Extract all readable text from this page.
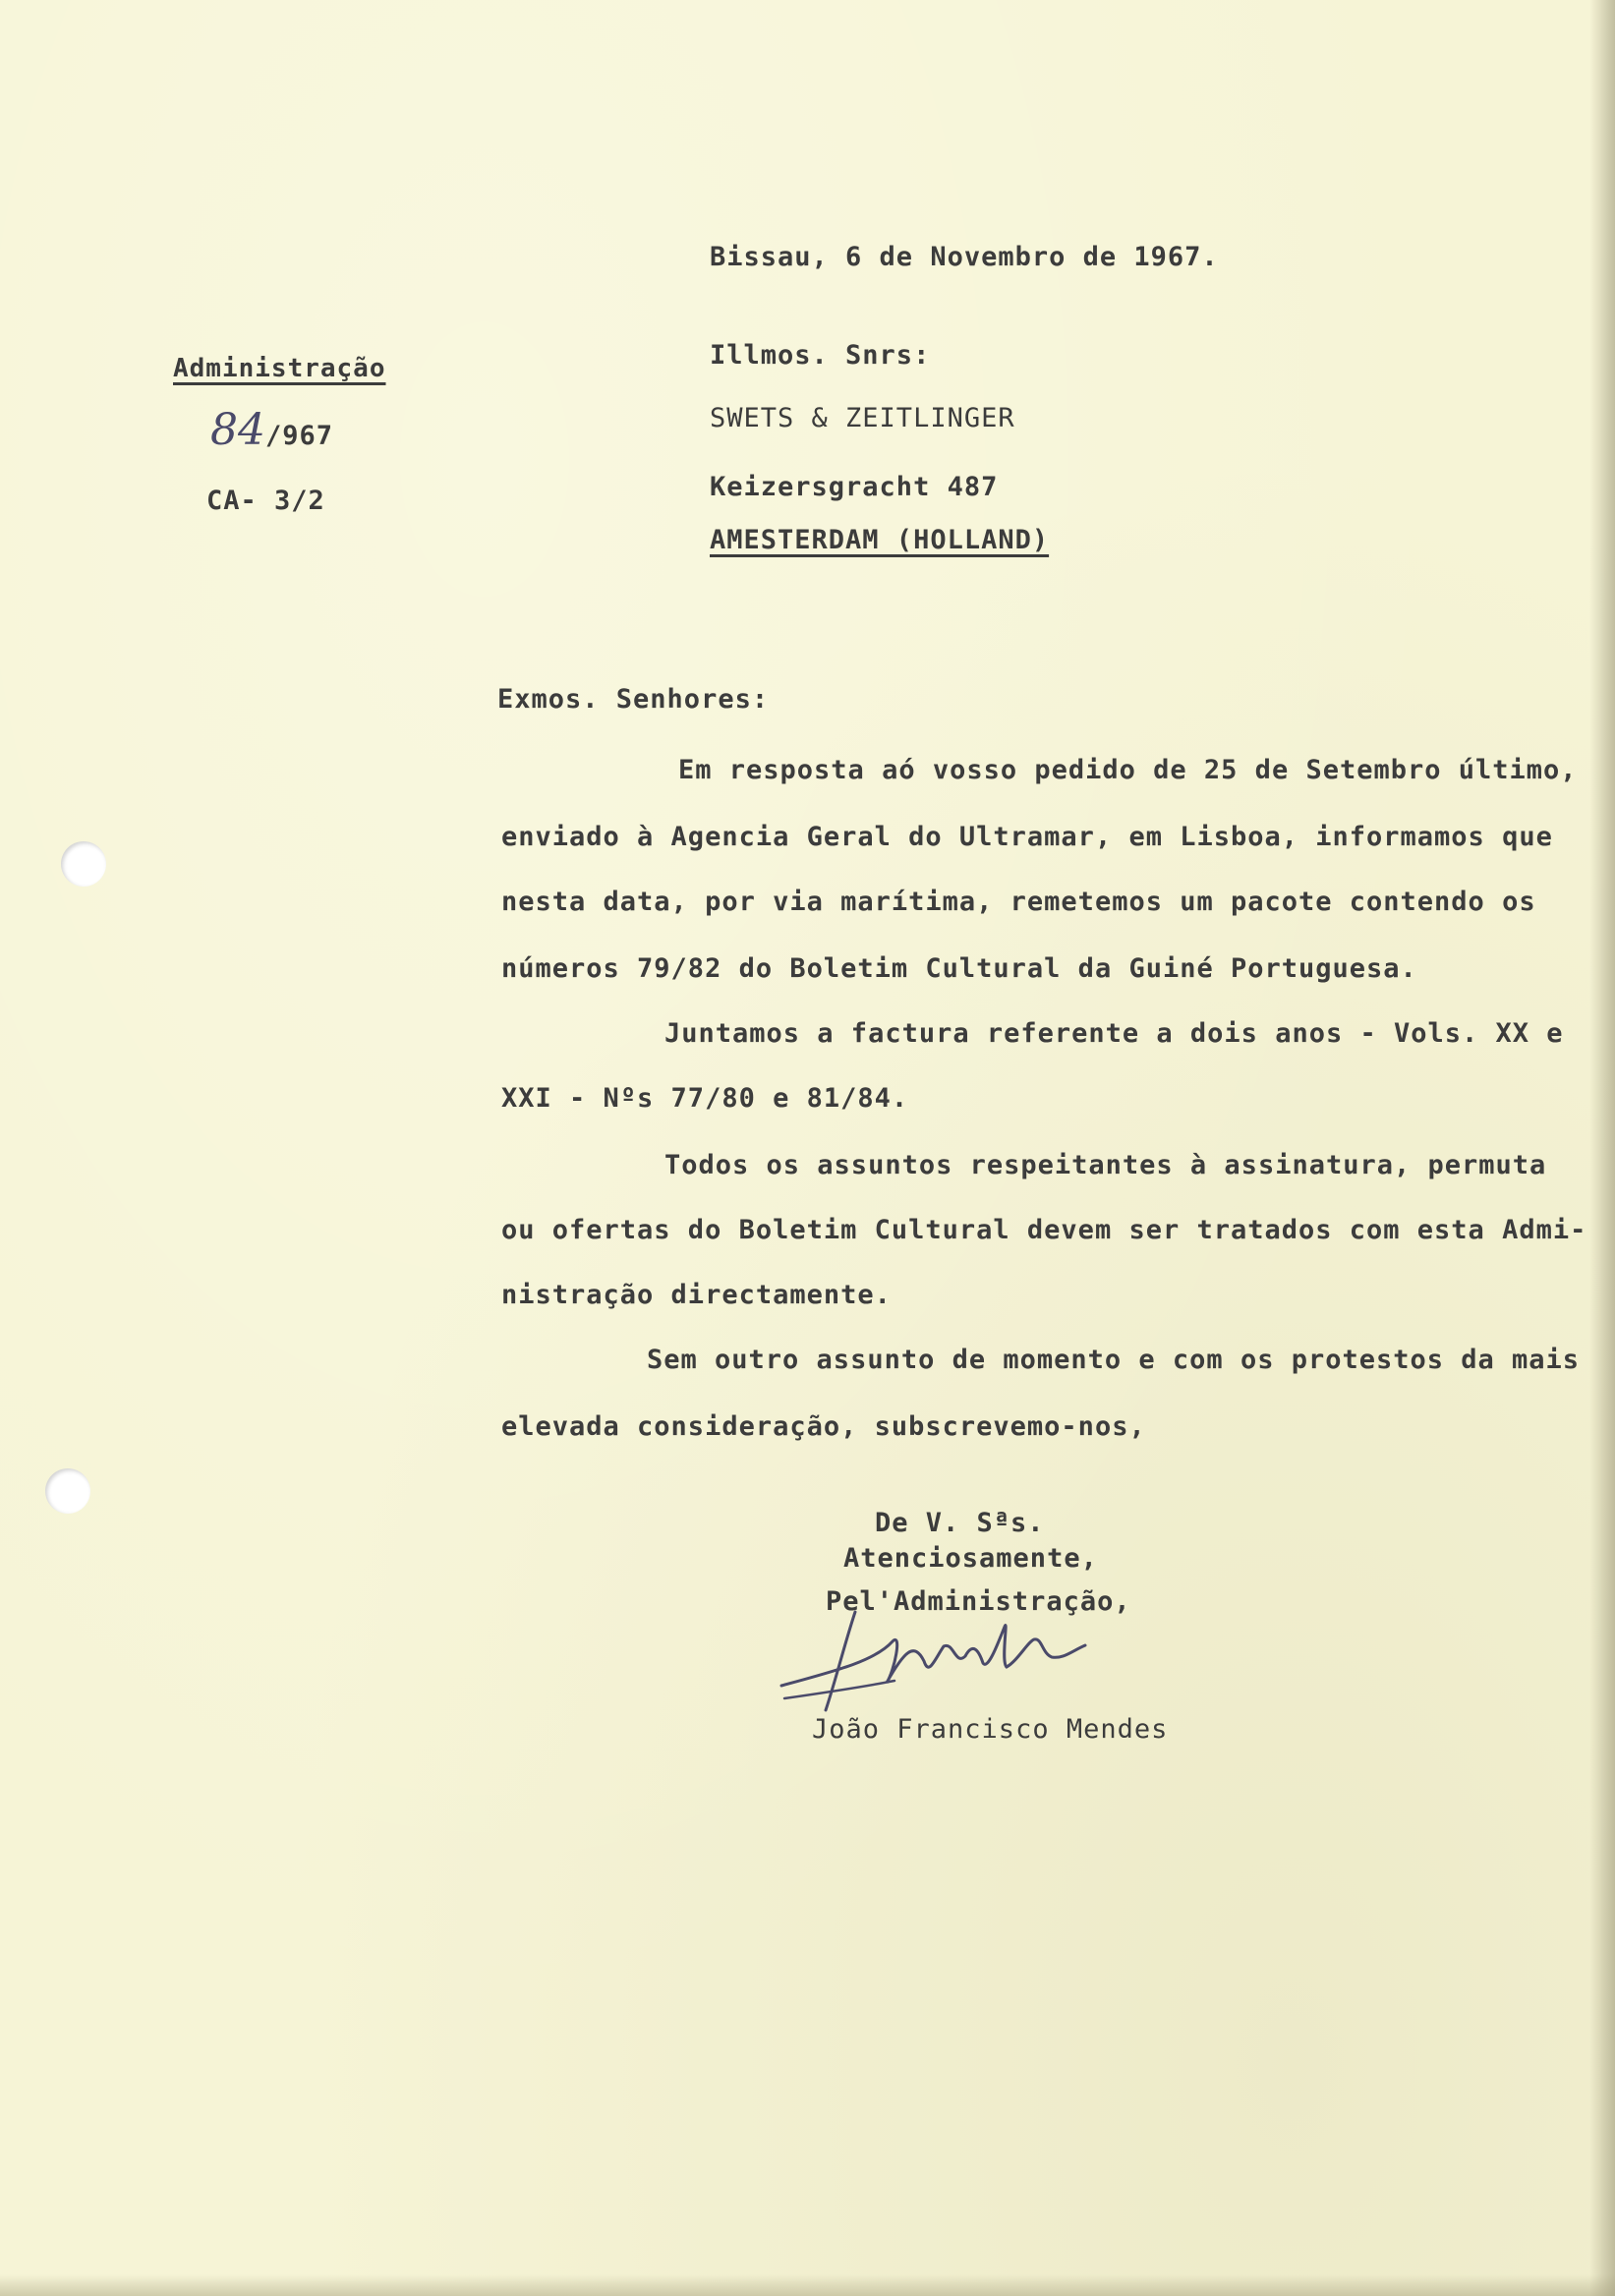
Bissau, 6 de Novembro de 1967.
Administração
84/967
CA- 3/2
Illmos. Snrs:
SWETS & ZEITLINGER
Keizersgracht 487
AMESTERDAM (HOLLAND)
Exmos. Senhores:
Em resposta aó vosso pedido de 25 de Setembro último,
enviado à Agencia Geral do Ultramar, em Lisboa, informamos que
nesta data, por via marítima, remetemos um pacote contendo os
números 79/82 do Boletim Cultural da Guiné Portuguesa.
Juntamos a factura referente a dois anos - Vols. XX e
XXI - Nºs 77/80 e 81/84.
Todos os assuntos respeitantes à assinatura, permuta
ou ofertas do Boletim Cultural devem ser tratados com esta Admi-
nistração directamente.
Sem outro assunto de momento e com os protestos da mais
elevada consideração, subscrevemo-nos,
De V. Sªs.
Atenciosamente,
Pel'Administração,
João Francisco Mendes
